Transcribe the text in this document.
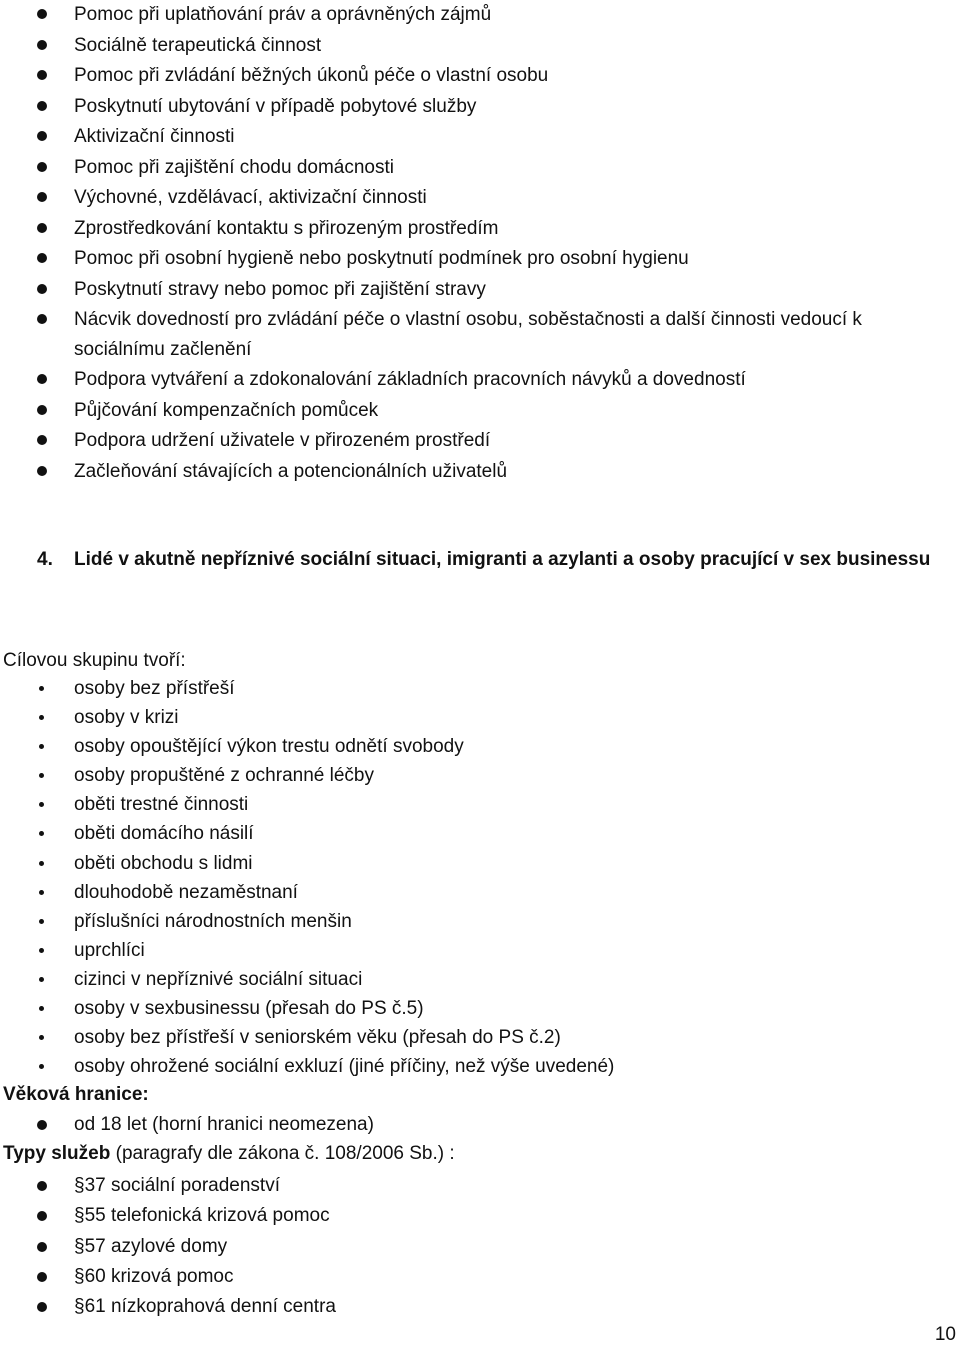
Pomoc při uplatňování práv a oprávněných zájmů
Sociálně terapeutická činnost
Pomoc při zvládání běžných úkonů péče o vlastní osobu
Poskytnutí ubytování v případě pobytové služby
Aktivizační činnosti
Pomoc při zajištění chodu domácnosti
Výchovné, vzdělávací, aktivizační činnosti
Zprostředkování kontaktu s přirozeným prostředím
Pomoc při osobní hygieně nebo poskytnutí podmínek pro osobní hygienu
Poskytnutí stravy nebo pomoc při zajištění stravy
Nácvik dovedností pro zvládání péče o vlastní osobu, soběstačnosti a další činnosti vedoucí k sociálnímu začlenění
Podpora vytváření a zdokonalování základních pracovních návyků a dovedností
Půjčování kompenzačních pomůcek
Podpora udržení uživatele v přirozeném prostředí
Začleňování stávajících a potencionálních uživatelů
4. Lidé v akutně nepříznivé sociální situaci, imigranti a azylanti a osoby pracující v sex businessu
Cílovou skupinu tvoří:
osoby bez přístřeší
osoby v krizi
osoby opouštějící výkon trestu odnětí svobody
osoby propuštěné z ochranné léčby
oběti trestné činnosti
oběti domácího násilí
oběti obchodu s lidmi
dlouhodobě nezaměstnaní
příslušníci národnostních menšin
uprchlíci
cizinci v nepříznivé sociální situaci
osoby v sexbusinessu (přesah do PS č.5)
osoby bez přístřeší v seniorském věku (přesah do PS č.2)
osoby ohrožené sociální exkluzí (jiné příčiny, než výše uvedené)
Věková hranice:
od 18 let (horní hranici neomezena)
Typy služeb (paragrafy dle zákona č. 108/2006 Sb.) :
§37 sociální poradenství
§55 telefonická krizová pomoc
§57 azylové domy
§60 krizová pomoc
§61 nízkoprahová denní centra
10
